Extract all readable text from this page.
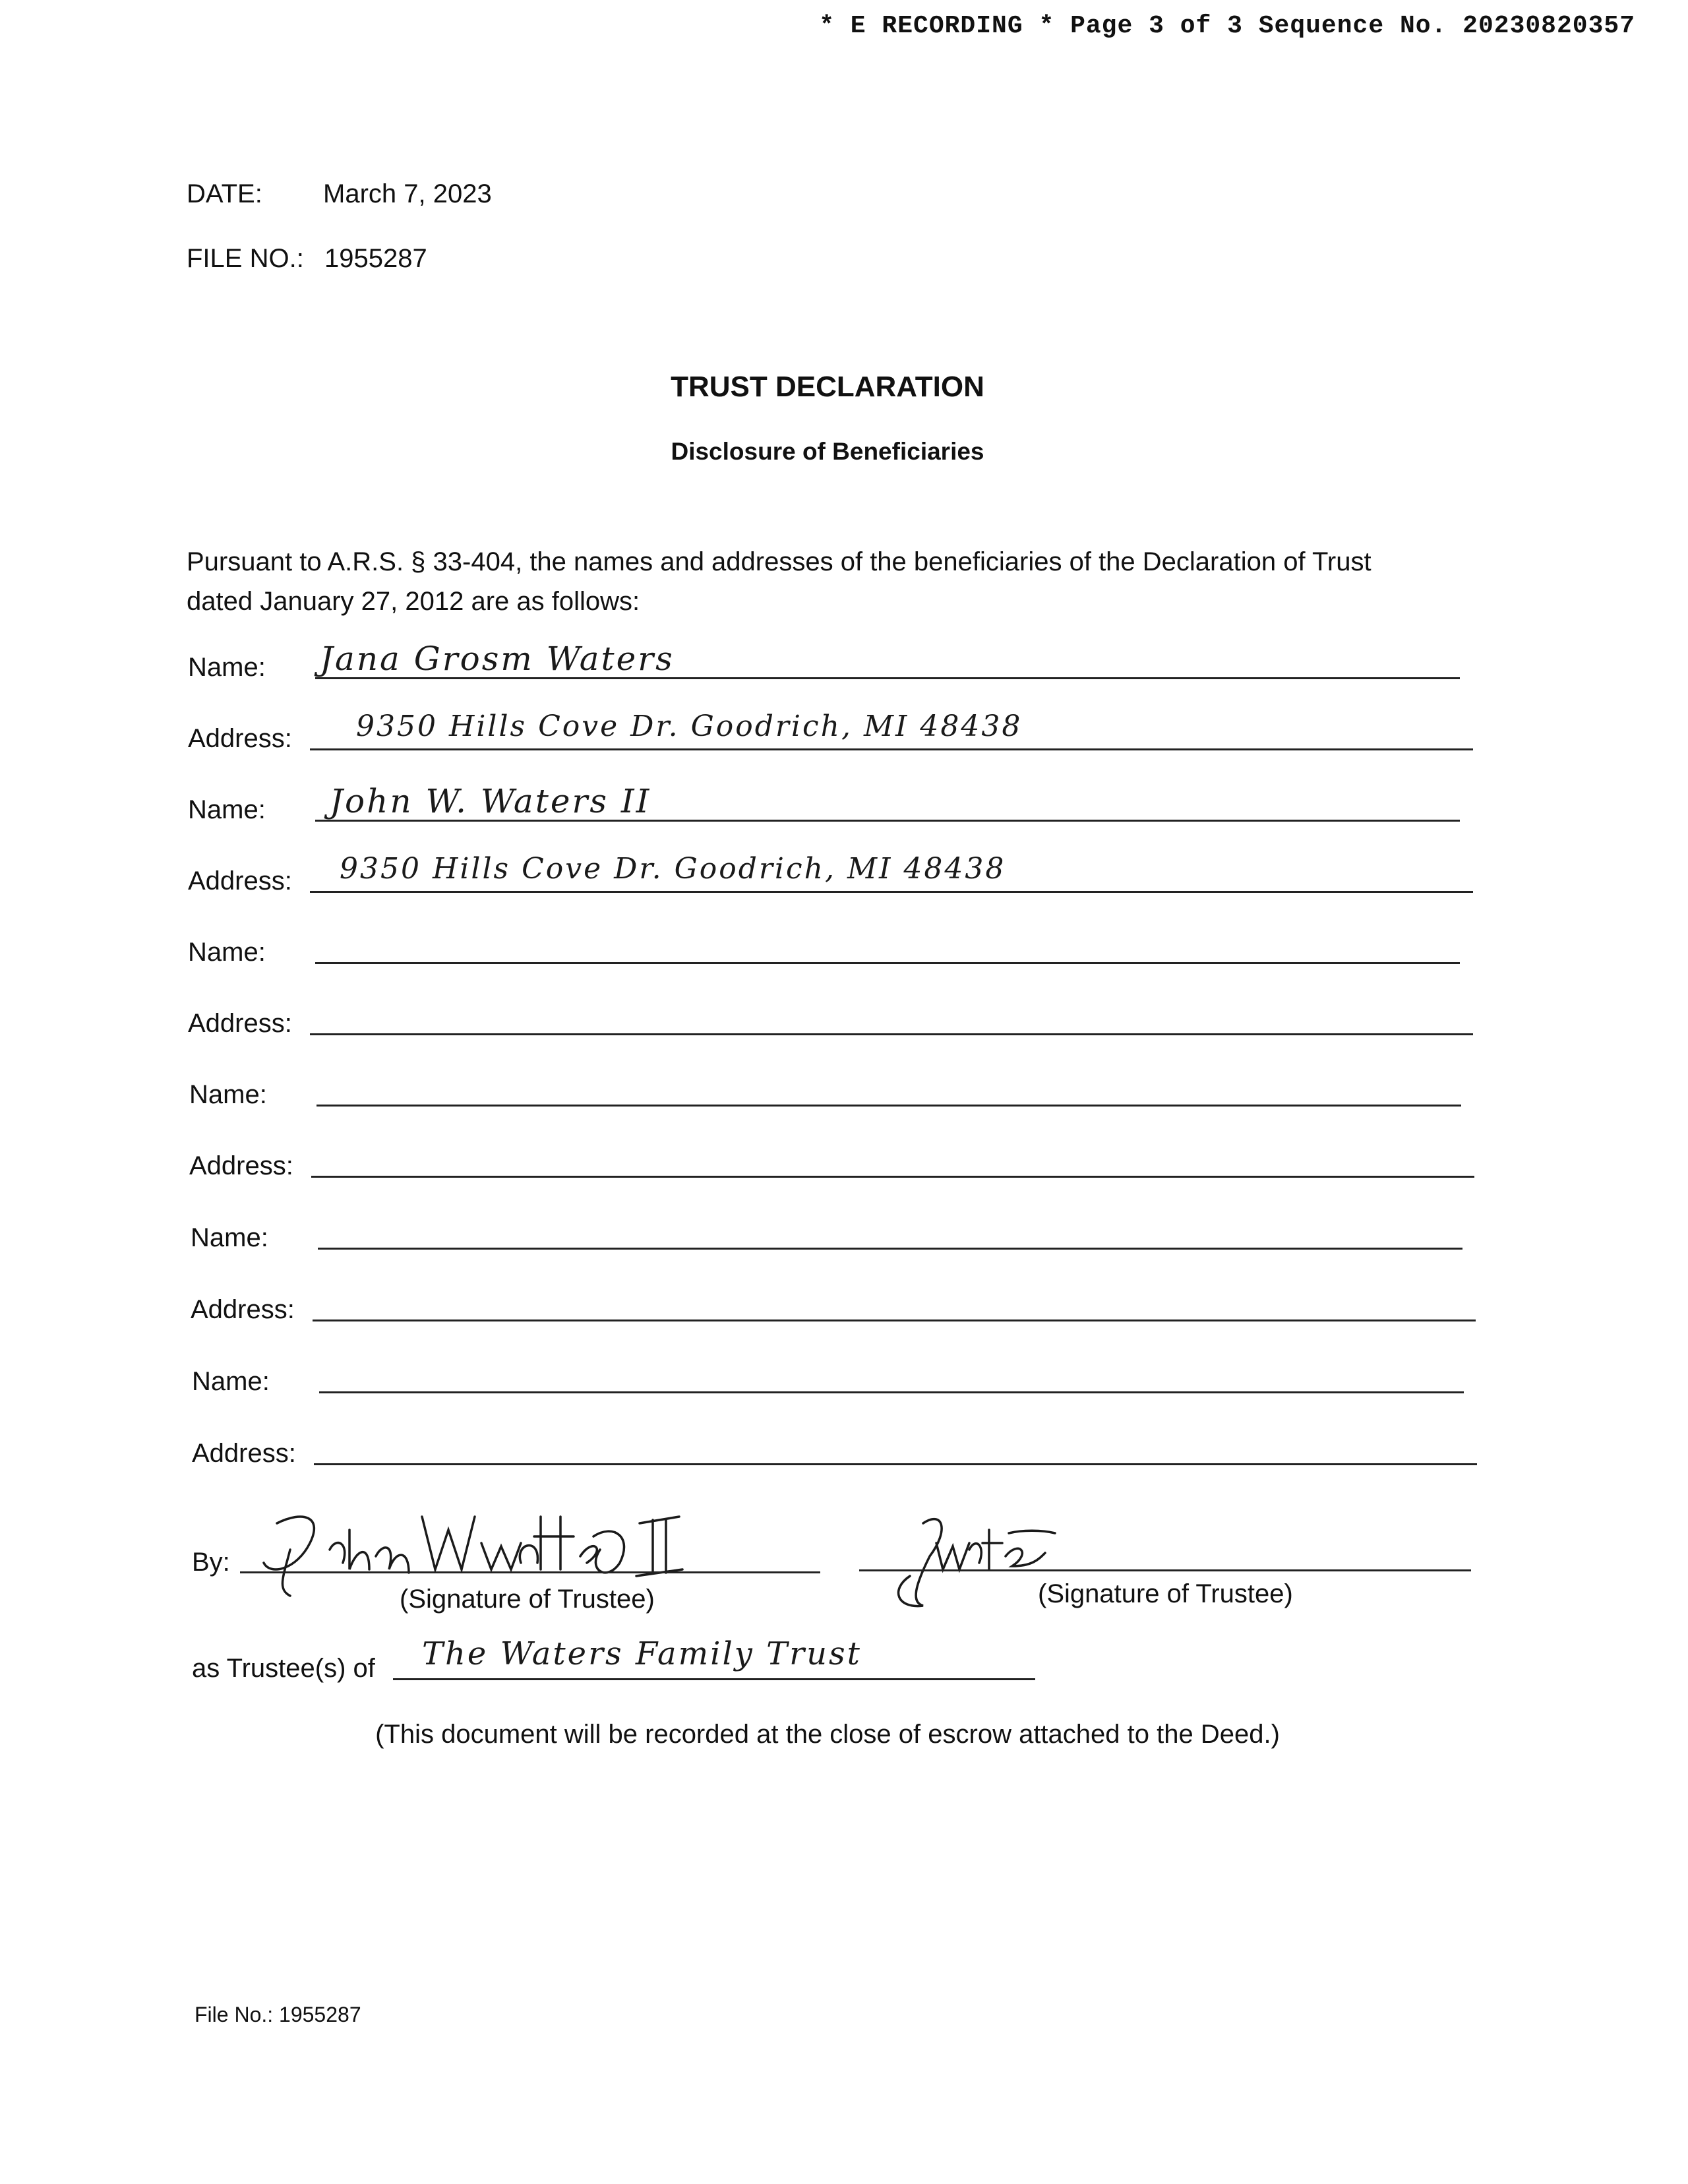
* E RECORDING * Page 3 of 3 Sequence No. 20230820357
DATE: March 7, 2023
FILE NO.: 1955287
TRUST DECLARATION
Disclosure of Beneficiaries
Pursuant to A.R.S. § 33-404, the names and addresses of the beneficiaries of the Declaration of Trust
dated January 27, 2012 are as follows:
Name: Jana Grosm Waters
Address: 9350 Hills Cove Dr. Goodrich, MI 48438
Name: John W. Waters II
Address: 9350 Hills Cove Dr. Goodrich, MI 48438
Name:
Address:
Name:
Address:
Name:
Address:
Name:
Address:
By:
(Signature of Trustee)	(Signature of Trustee)
as Trustee(s) of The Waters Family Trust
(This document will be recorded at the close of escrow attached to the Deed.)
File No.: 1955287
